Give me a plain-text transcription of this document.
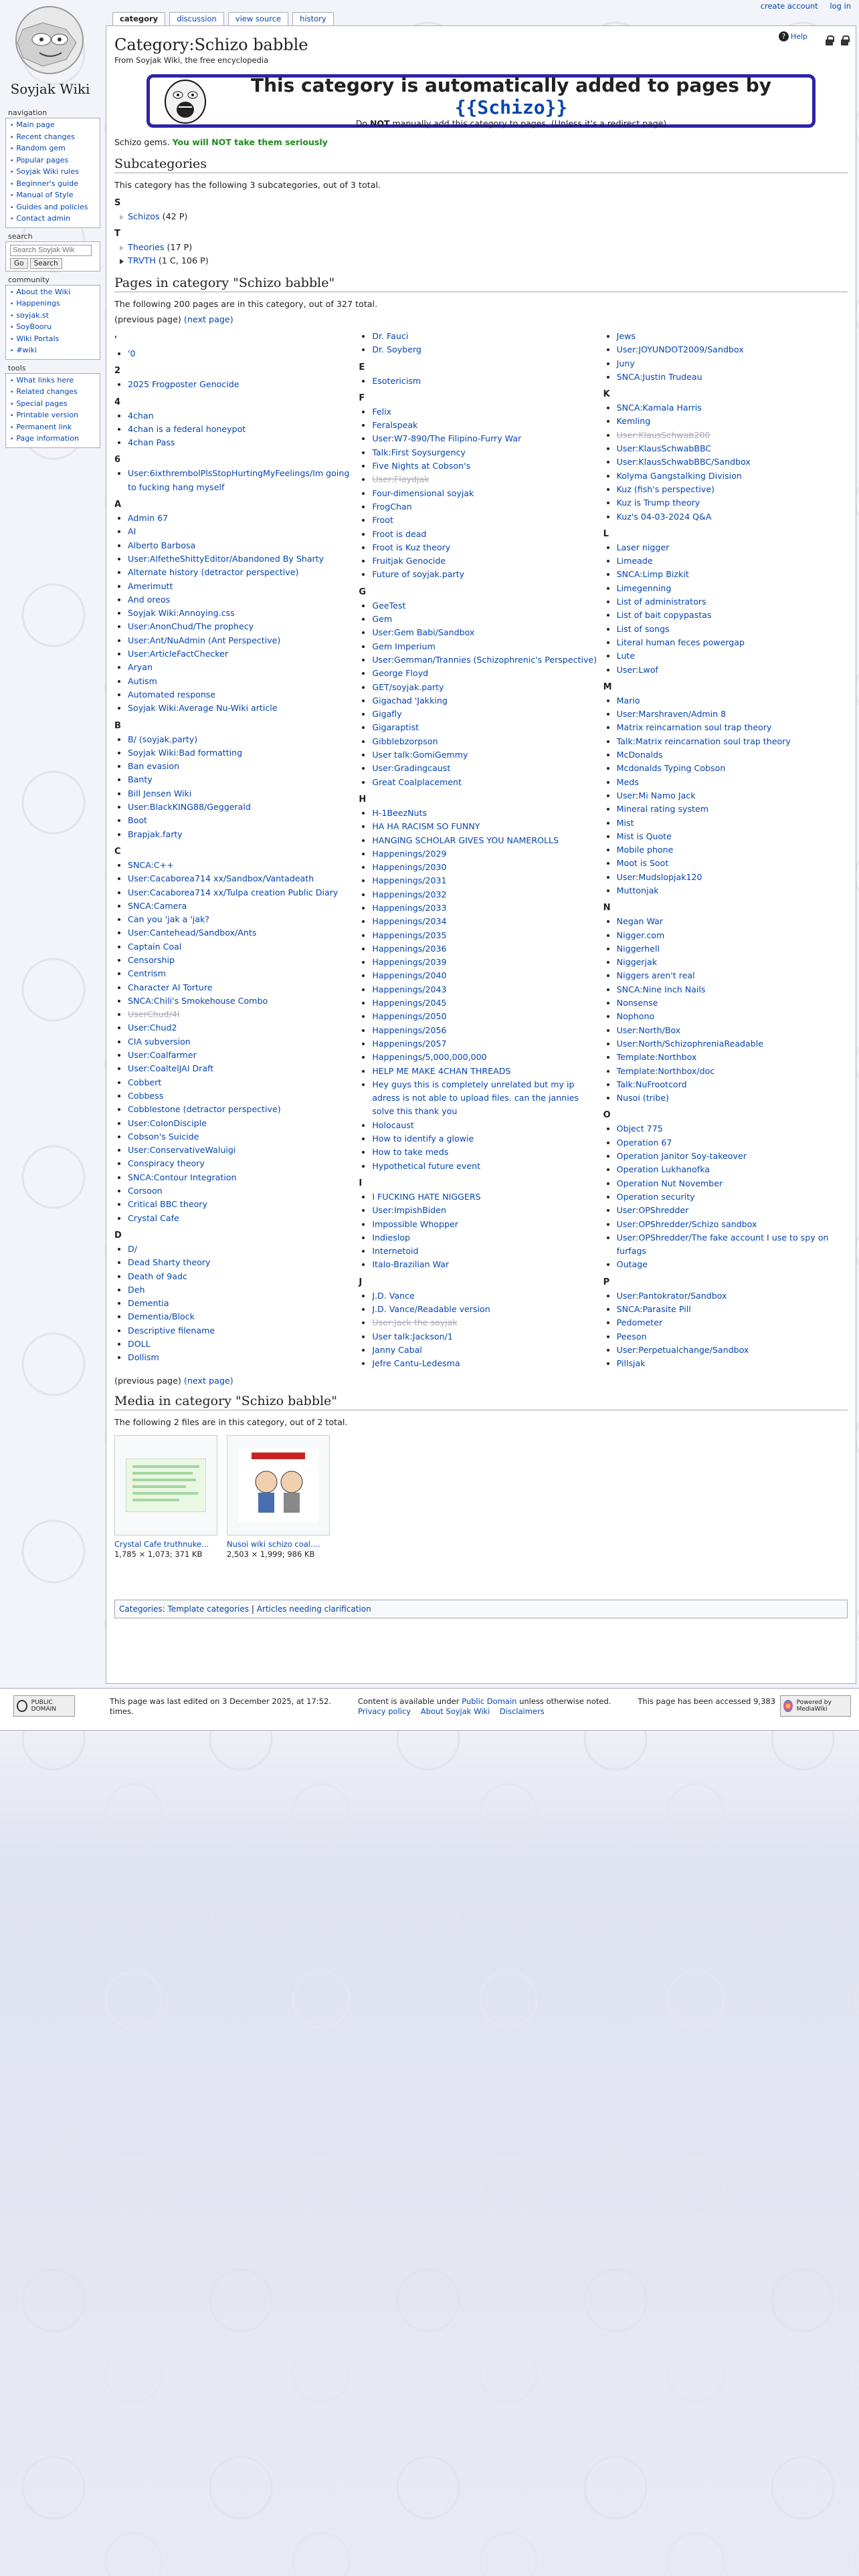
Soyjak Wiki
create account log in
category	discussion	view source	history
navigation
• Main page
• Recent changes
• Random gem
• Popular pages
• Soyjak Wiki rules
• Beginner's guide
• Manual of Style
• Guides and policies
• Contact admin
search
Search Soyjak Wik
Go Search
community
• About the Wiki
• Happenings
• soyjak.st
• SoyBooru
• Wiki Portals
• #wiki
tools
• What links here
• Related changes
• Special pages
• Printable version
• Permanent link
• Page information
? Help
Category:Schizo babble
From Soyjak Wiki, the free encyclopedia
This category is automatically added to pages by {{Schizo}}
Do NOT manually add this category to pages. (Unless it's a redirect page)
Schizo gems. You will NOT take them seriously
Subcategories

This category has the following 3 subcategories, out of 3 total.

S
Schizos (42 P)
T
Theories (17 P)
TRVTH (1 C, 106 P)
Pages in category "Schizo babble"

The following 200 pages are in this category, out of 327 total.

(previous page) (next page)
'
• '0
2
• 2025 Frogposter Genocide
4
• 4chan
• 4chan is a federal honeypot
• 4chan Pass
6
• User:6ixthrembolPlsStopHurtingMyFeelings/Im going to fucking hang myself
A
• Admin 67
• AI
• Alberto Barbosa
• User:AlfetheShittyEditor/Abandoned By Sharty
• Alternate history (detractor perspective)
• Amerimutt
• And oreos
• Soyjak Wiki:Annoying.css
• User:AnonChud/The prophecy
• User:Ant/NuAdmin (Ant Perspective)
• User:ArticleFactChecker
• Aryan
• Autism
• Automated response
• Soyjak Wiki:Average Nu-Wiki article
B
• B/ (soyjak.party)
• Soyjak Wiki:Bad formatting
• Ban evasion
• Banty
• Bill Jensen Wiki
• User:BlackKING88/Geggerald
• Boot
• Brapjak.farty
C
• SNCA:C++
• User:Cacaborea714 xx/Sandbox/Vantadeath
• User:Cacaborea714 xx/Tulpa creation Public Diary
• SNCA:Camera
• Can you 'jak a 'jak?
• User:Cantehead/Sandbox/Ants
• Captain Coal
• Censorship
• Centrism
• Character AI Torture
• SNCA:Chili's Smokehouse Combo
• UserChud/4I
• User:Chud2
• CIA subversion
• User:Coalfarmer
• User:CoaltelJAI Draft
• Cobbert
• Cobbess
• Cobblestone (detractor perspective)
• User:ColonDisciple
• Cobson's Suicide
• User:ConservativeWaluigi
• Conspiracy theory
• SNCA:Contour Integration
• Corsoon
• Critical BBC theory
• Crystal Cafe
D
• D/
• Dead Sharty theory
• Death of 9adc
• Deh
• Dementia
• Dementia/Block
• Descriptive filename
• DOLL
• Dollism
• Dr. Fauci
• Dr. Soyberg
E
• Esotericism
F
• Felix
• Feralspeak
• User:W7-890/The Filipino-Furry War
• Talk:First Soysurgency
• Five Nights at Cobson's
• User:Floydjak
• Four-dimensional soyjak
• FrogChan
• Froot
• Froot is dead
• Froot is Kuz theory
• Fruitjak Genocide
• Future of soyjak.party
G
• GeeTest
• Gem
• User:Gem Babi/Sandbox
• Gem Imperium
• User:Gemman/Trannies (Schizophrenic's Perspective)
• George Floyd
• GET/soyjak.party
• Gigachad 'Jakking
• Gigafly
• Gigaraptist
• Gibblebzorpson
• User talk:GomiGemmy
• User:Gradingcaust
• Great Coalplacement
H
• H-1BeezNuts
• HA HA RACISM SO FUNNY
• HANGING SCHOLAR GIVES YOU NAMEROLLS
• Happenings/2029
• Happenings/2030
• Happenings/2031
• Happenings/2032
• Happenings/2033
• Happenings/2034
• Happenings/2035
• Happenings/2036
• Happenings/2039
• Happenings/2040
• Happenings/2043
• Happenings/2045
• Happenings/2050
• Happenings/2056
• Happenings/2057
• Happenings/5,000,000,000
• HELP ME MAKE 4CHAN THREADS
• Hey guys this is completely unrelated but my ip adress is not able to upload files. can the jannies solve this thank you
• Holocaust
• How to identify a glowie
• How to take meds
• Hypothetical future event
I
• I FUCKING HATE NIGGERS
• User:ImpishBiden
• Impossible Whopper
• Indieslop
• Internetoid
• Italo-Brazilian War
J
• J.D. Vance
• J.D. Vance/Readable version
• User:Jack the soyjak
• User talk:Jackson/1
• Janny Cabal
• Jefre Cantu-Ledesma
• Jews
• User:JOYUNDOT2009/Sandbox
• Juny
• SNCA:Justin Trudeau
K
• SNCA:Kamala Harris
• Kemling
• User:KlausSchwab200
• User:KlausSchwabBBC
• User:KlausSchwabBBC/Sandbox
• Kolyma Gangstalking Division
• Kuz (fish's perspective)
• Kuz is Trump theory
• Kuz's 04-03-2024 Q&A
L
• Laser nigger
• Limeade
• SNCA:Limp Bizkit
• Limegenning
• List of administrators
• List of bait copypastas
• List of songs
• Literal human feces powergap
• Lute
• User:Lwof
M
• Mario
• User:Marshraven/Admin 8
• Matrix reincarnation soul trap theory
• Talk:Matrix reincarnation soul trap theory
• McDonalds
• Mcdonalds Typing Cobson
• Meds
• User:Mi Namo Jack
• Mineral rating system
• Mist
• Mist is Quote
• Mobile phone
• Moot is Soot
• User:Mudslopjak120
• Muttonjak
N
• Negan War
• Nigger.com
• Niggerhell
• Niggerjak
• Niggers aren't real
• SNCA:Nine Inch Nails
• Nonsense
• Nophono
• User:North/Box
• User:North/SchizophreniaReadable
• Template:Northbox
• Template:Northbox/doc
• Talk:NuFrootcord
• Nusoi (tribe)
O
• Object 775
• Operation 67
• Operation Janitor Soy-takeover
• Operation Lukhanofka
• Operation Nut November
• Operation security
• User:OPShredder
• User:OPShredder/Schizo sandbox
• User:OPShredder/The fake account I use to spy on furfags
• Outage
P
• User:Pantokrator/Sandbox
• SNCA:Parasite Pill
• Pedometer
• Peeson
• User:Perpetualchange/Sandbox
• Pillsjak
(previous page) (next page)
Media in category "Schizo babble"

The following 2 files are in this category, out of 2 total.

Crystal Cafe truthnuke...
1,785 × 1,073; 371 KB
Nusoi wiki schizo coal....
2,503 × 1,999; 986 KB
Categories: Template categories | Articles needing clarification
PUBLIC DOMAIN
This page was last edited on 3 December 2025, at 17:52.
times.
Content is available under Public Domain unless otherwise noted.
Privacy policy About Soyjak Wiki Disclaimers
This page has been accessed 9,383	Powered by MediaWiki
